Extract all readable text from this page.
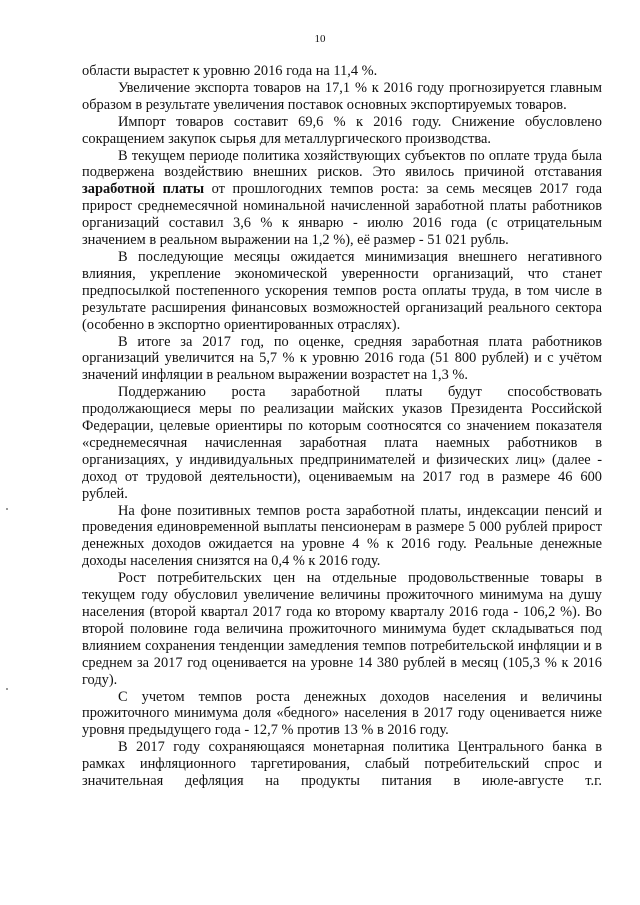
10

области вырастет к уровню 2016 года на 11,4 %.

Увеличение экспорта товаров на 17,1 % к 2016 году прогнозируется главным образом в результате увеличения поставок основных экспортируемых товаров.

Импорт товаров составит 69,6 % к 2016 году. Снижение обусловлено сокращением закупок сырья для металлургического производства.

В текущем периоде политика хозяйствующих субъектов по оплате труда была подвержена воздействию внешних рисков. Это явилось причиной отставания заработной платы от прошлогодних темпов роста: за семь месяцев 2017 года прирост среднемесячной номинальной начисленной заработной платы работников организаций составил 3,6 % к январю - июлю 2016 года (с отрицательным значением в реальном выражении на 1,2 %), её размер - 51 021 рубль.

В последующие месяцы ожидается минимизация внешнего негативного влияния, укрепление экономической уверенности организаций, что станет предпосылкой постепенного ускорения темпов роста оплаты труда, в том числе в результате расширения финансовых возможностей организаций реального сектора (особенно в экспортно ориентированных отраслях).

В итоге за 2017 год, по оценке, средняя заработная плата работников организаций увеличится на 5,7 % к уровню 2016 года (51 800 рублей) и с учётом значений инфляции в реальном выражении возрастет на 1,3 %.

Поддержанию роста заработной платы будут способствовать продолжающиеся меры по реализации майских указов Президента Российской Федерации, целевые ориентиры по которым соотносятся со значением показателя «среднемесячная начисленная заработная плата наемных работников в организациях, у индивидуальных предпринимателей и физических лиц» (далее - доход от трудовой деятельности), оцениваемым на 2017 год в размере 46 600 рублей.

На фоне позитивных темпов роста заработной платы, индексации пенсий и проведения единовременной выплаты пенсионерам в размере 5 000 рублей прирост денежных доходов ожидается на уровне 4 % к 2016 году. Реальные денежные доходы населения снизятся на 0,4 % к 2016 году.

Рост потребительских цен на отдельные продовольственные товары в текущем году обусловил увеличение величины прожиточного минимума на душу населения (второй квартал 2017 года ко второму кварталу 2016 года - 106,2 %). Во второй половине года величина прожиточного минимума будет складываться под влиянием сохранения тенденции замедления темпов потребительской инфляции и в среднем за 2017 год оценивается на уровне 14 380 рублей в месяц (105,3 % к 2016 году).

С учетом темпов роста денежных доходов населения и величины прожиточного минимума доля «бедного» населения в 2017 году оценивается ниже уровня предыдущего года - 12,7 % против 13 % в 2016 году.

В 2017 году сохраняющаяся монетарная политика Центрального банка в рамках инфляционного таргетирования, слабый потребительский спрос и значительная дефляция на продукты питания в июле-августе т.г.
